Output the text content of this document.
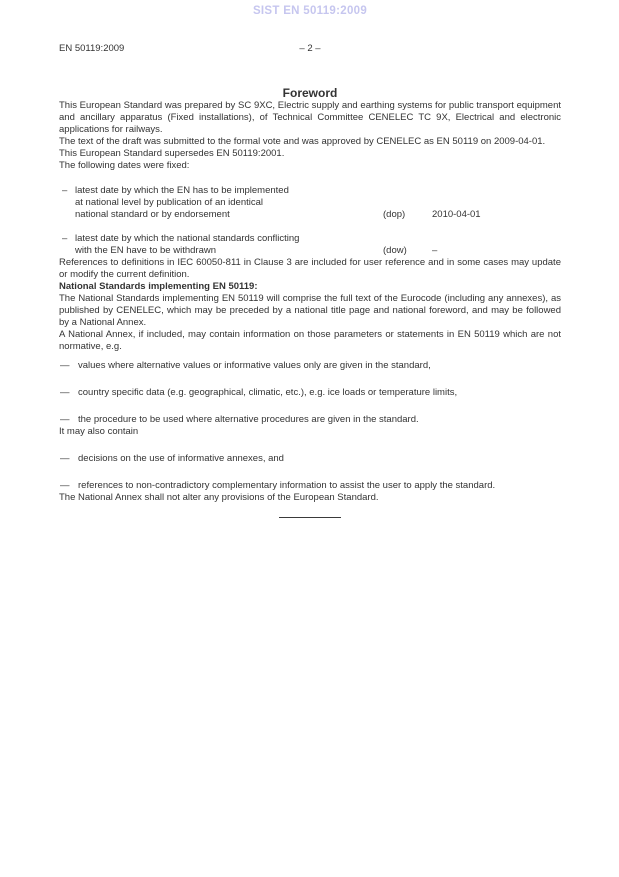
SIST EN 50119:2009
EN 50119:2009	– 2 –
Foreword

This European Standard was prepared by SC 9XC, Electric supply and earthing systems for public transport equipment and ancillary apparatus (Fixed installations), of Technical Committee CENELEC TC 9X, Electrical and electronic applications for railways.

The text of the draft was submitted to the formal vote and was approved by CENELEC as EN 50119 on 2009-04-01.

This European Standard supersedes EN 50119:2001.

The following dates were fixed:

– latest date by which the EN has to be implemented
at national level by publication of an identical
national standard or by endorsement	(dop)	2010-04-01
– latest date by which the national standards conflicting
with the EN have to be withdrawn	(dow)	–

References to definitions in IEC 60050-811 in Clause 3 are included for user reference and in some cases may update or modify the current definition.

National Standards implementing EN 50119:

The National Standards implementing EN 50119 will comprise the full text of the Eurocode (including any annexes), as published by CENELEC, which may be preceded by a national title page and national foreword, and may be followed by a National Annex.

A National Annex, if included, may contain information on those parameters or statements in EN 50119 which are not normative, e.g.

— values where alternative values or informative values only are given in the standard,
— country specific data (e.g. geographical, climatic, etc.), e.g. ice loads or temperature limits,
— the procedure to be used where alternative procedures are given in the standard.

It may also contain

— decisions on the use of informative annexes, and
— references to non-contradictory complementary information to assist the user to apply the standard.

The National Annex shall not alter any provisions of the European Standard.
